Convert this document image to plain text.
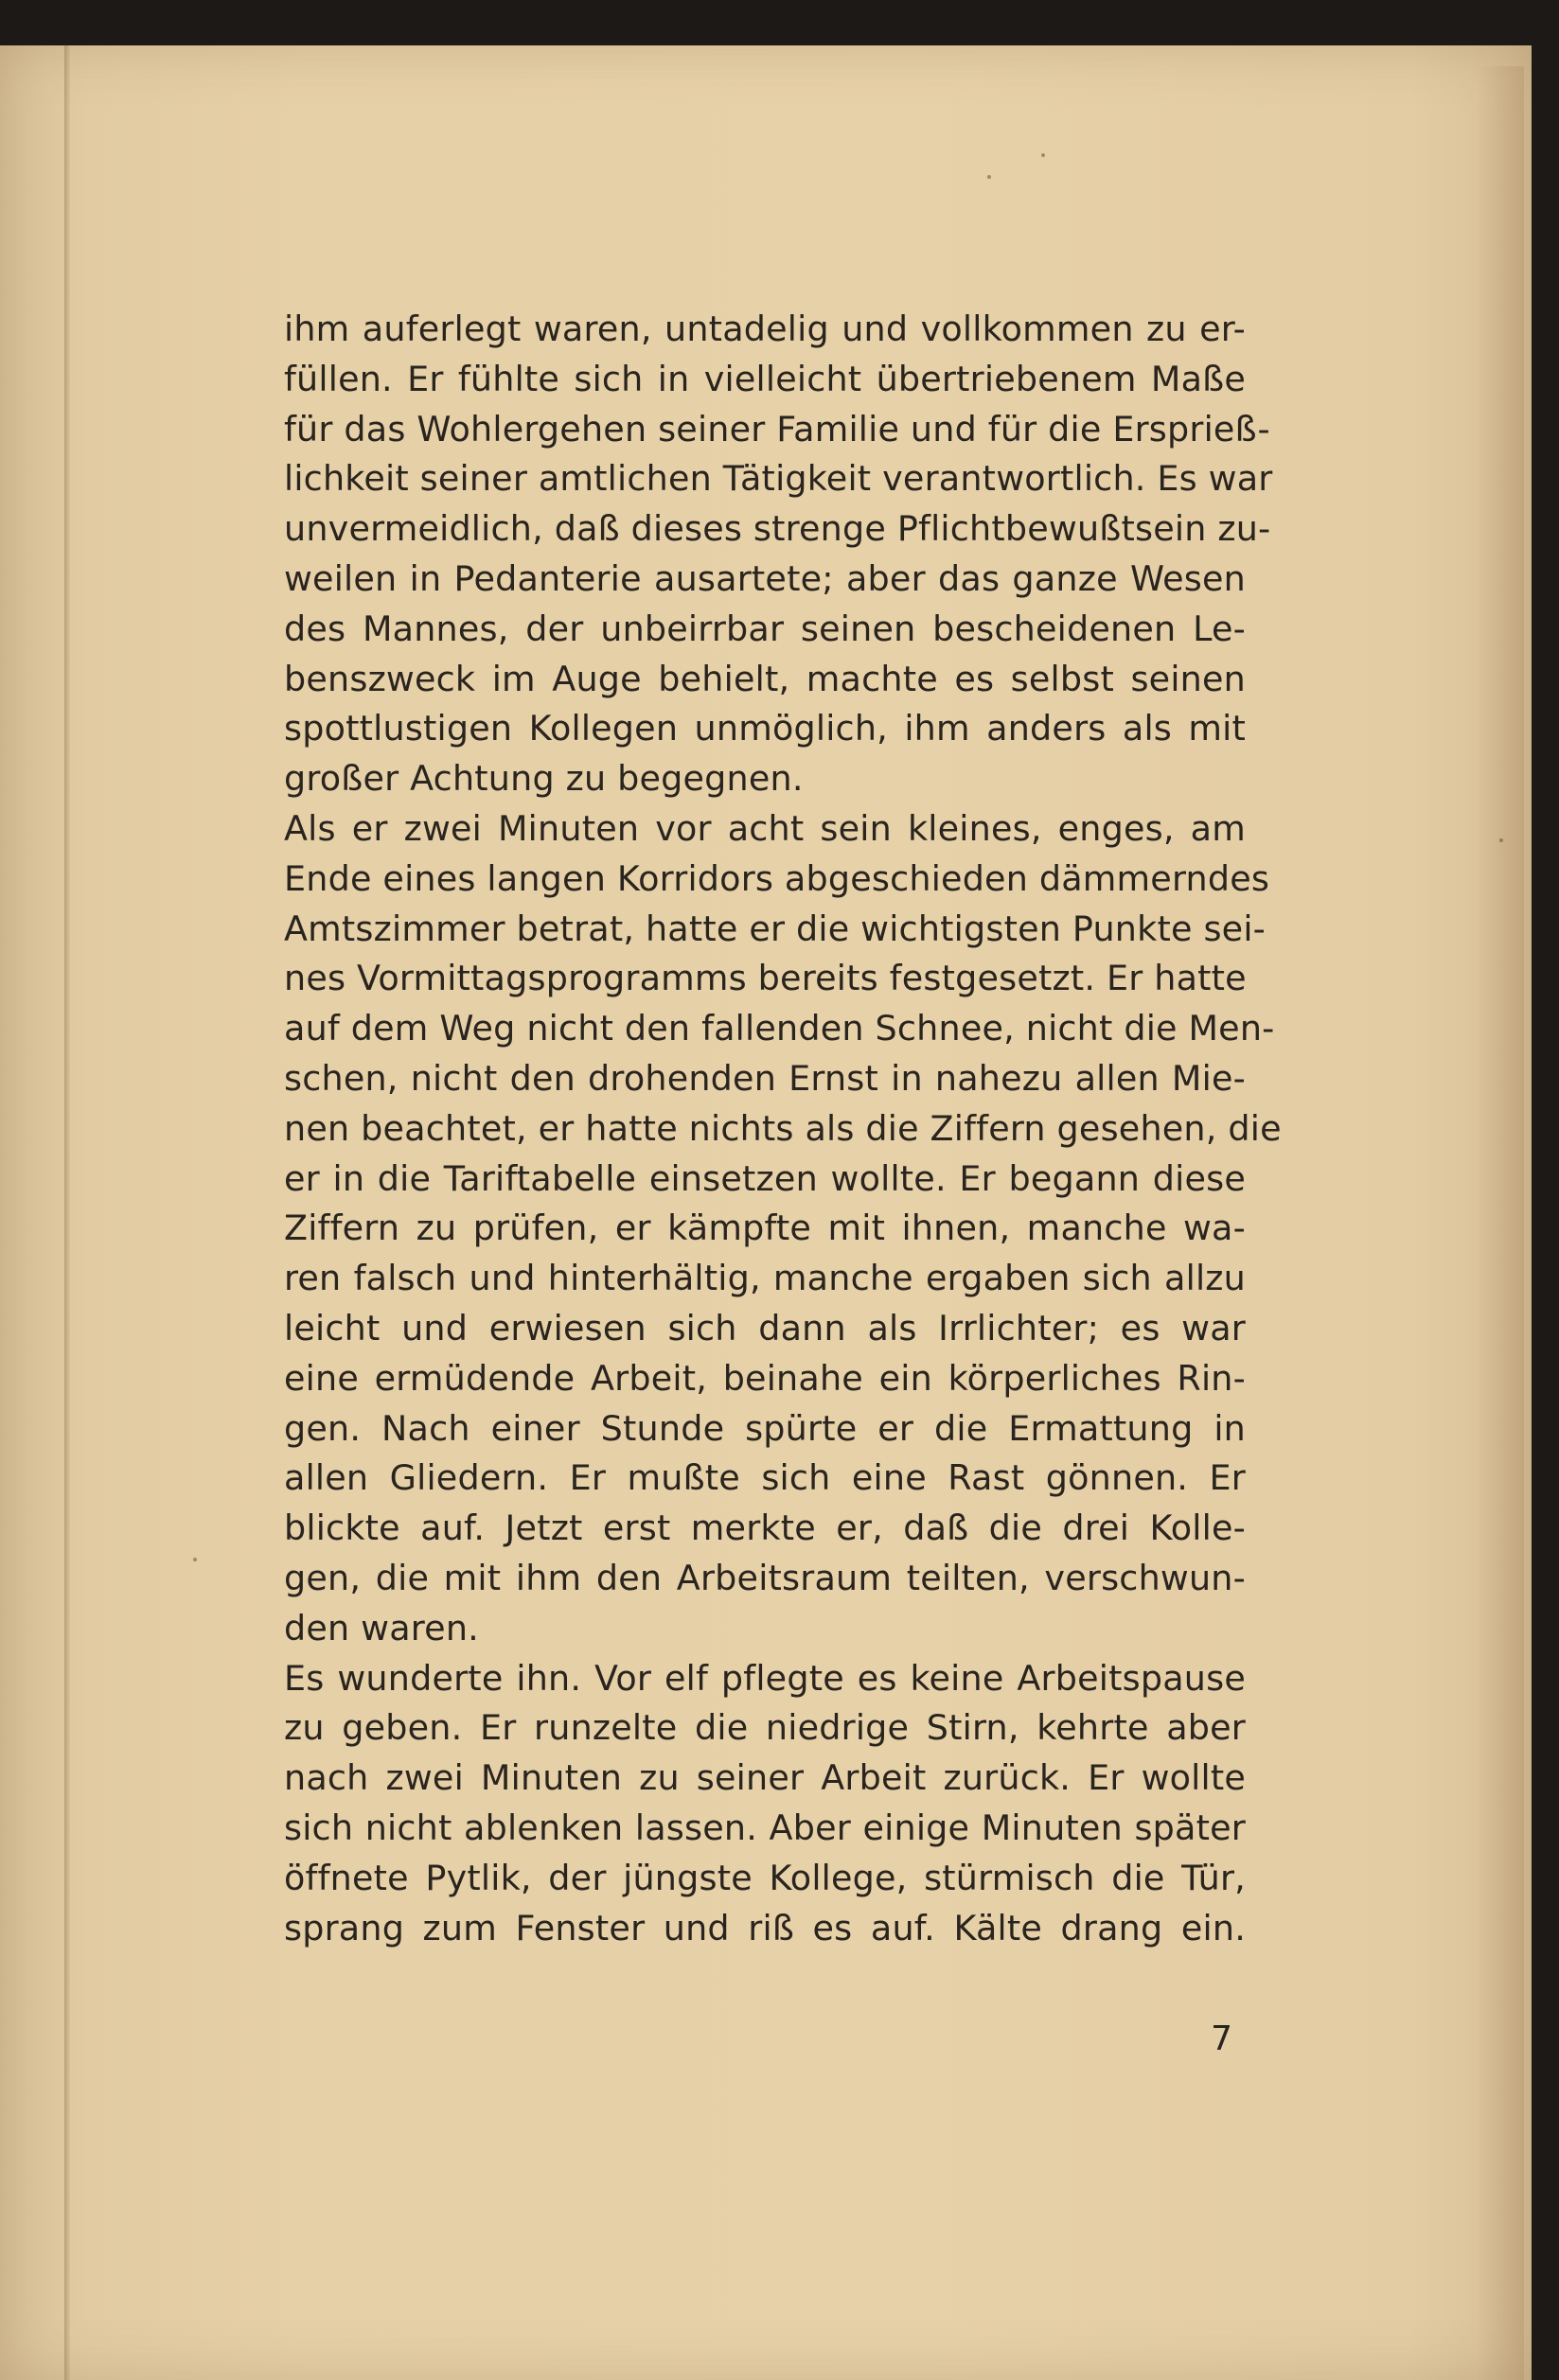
ihm auferlegt waren, untadelig und vollkommen zu er-
füllen. Er fühlte sich in vielleicht übertriebenem Maße
für das Wohlergehen seiner Familie und für die Ersprieß-
lichkeit seiner amtlichen Tätigkeit verantwortlich. Es war
unvermeidlich, daß dieses strenge Pflichtbewußtsein zu-
weilen in Pedanterie ausartete; aber das ganze Wesen
des Mannes, der unbeirrbar seinen bescheidenen Le-
benszweck im Auge behielt, machte es selbst seinen
spottlustigen Kollegen unmöglich, ihm anders als mit
großer Achtung zu begegnen.
Als er zwei Minuten vor acht sein kleines, enges, am
Ende eines langen Korridors abgeschieden dämmerndes
Amtszimmer betrat, hatte er die wichtigsten Punkte sei-
nes Vormittagsprogramms bereits festgesetzt. Er hatte
auf dem Weg nicht den fallenden Schnee, nicht die Men-
schen, nicht den drohenden Ernst in nahezu allen Mie-
nen beachtet, er hatte nichts als die Ziffern gesehen, die
er in die Tariftabelle einsetzen wollte. Er begann diese
Ziffern zu prüfen, er kämpfte mit ihnen, manche wa-
ren falsch und hinterhältig, manche ergaben sich allzu
leicht und erwiesen sich dann als Irrlichter; es war
eine ermüdende Arbeit, beinahe ein körperliches Rin-
gen. Nach einer Stunde spürte er die Ermattung in
allen Gliedern. Er mußte sich eine Rast gönnen. Er
blickte auf. Jetzt erst merkte er, daß die drei Kolle-
gen, die mit ihm den Arbeitsraum teilten, verschwun-
den waren.
Es wunderte ihn. Vor elf pflegte es keine Arbeitspause
zu geben. Er runzelte die niedrige Stirn, kehrte aber
nach zwei Minuten zu seiner Arbeit zurück. Er wollte
sich nicht ablenken lassen. Aber einige Minuten später
öffnete Pytlik, der jüngste Kollege, stürmisch die Tür,
sprang zum Fenster und riß es auf. Kälte drang ein.
7
